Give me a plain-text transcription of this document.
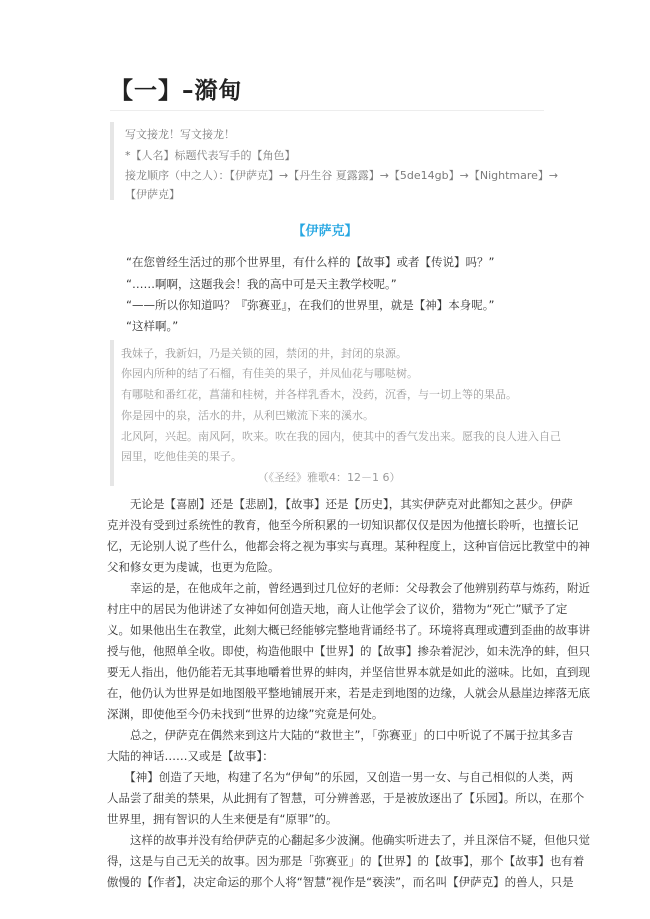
【一】–漪甸
写文接龙！写文接龙！
*【人名】标题代表写手的【角色】
接龙顺序（中之人）：【伊萨克】→【丹生谷 夏露露】→【5de14gb】→【Nightmare】→
【伊萨克】
【伊萨克】
“在您曾经生活过的那个世界里，有什么样的【故事】或者【传说】吗？”
“……啊啊，这题我会！我的高中可是天主教学校呢。”
“——所以你知道吗？『弥赛亚』，在我们的世界里，就是【神】本身呢。”
“这样啊。”
我妹子，我新妇，乃是关锁的园，禁闭的井，封闭的泉源。
你园内所种的结了石榴，有佳美的果子，并凤仙花与哪哒树。
有哪哒和番红花，菖蒲和桂树，并各样乳香木，没药，沉香，与一切上等的果品。
你是园中的泉，活水的井，从利巴嫩流下来的溪水。
北风阿，兴起。南风阿，吹来。吹在我的园内，使其中的香气发出来。愿我的良人进入自己
园里，吃他佳美的果子。
（《圣经》雅歌4：12－1 6）
　　无论是【喜剧】还是【悲剧】，【故事】还是【历史】，其实伊萨克对此都知之甚少。伊萨
克并没有受到过系统性的教育，他至今所积累的一切知识都仅仅是因为他擅长聆听，也擅长记
忆，无论别人说了些什么，他都会将之视为事实与真理。某种程度上，这种盲信远比教堂中的神
父和修女更为虔诚，也更为危险。
　　幸运的是，在他成年之前，曾经遇到过几位好的老师：父母教会了他辨别药草与炼药，附近
村庄中的居民为他讲述了女神如何创造天地，商人让他学会了议价，猎物为“死亡”赋予了定
义。如果他出生在教堂，此刻大概已经能够完整地背诵经书了。环境将真理或遭到歪曲的故事讲
授与他，他照单全收。即使，构造他眼中【世界】的【故事】掺杂着泥沙，如未洗净的蚌，但只
要无人指出，他仍能若无其事地嚼着世界的蚌肉，并坚信世界本就是如此的滋味。比如，直到现
在，他仍认为世界是如地图般平整地铺展开来，若是走到地图的边缘，人就会从悬崖边摔落无底
深渊，即使他至今仍未找到“世界的边缘”究竟是何处。
　　总之，伊萨克在偶然来到这片大陆的“救世主”，「弥赛亚」的口中听说了不属于拉其多吉
大陆的神话……又或是【故事】：
　　【神】创造了天地，构建了名为“伊甸”的乐园，又创造一男一女、与自己相似的人类，两
人品尝了甜美的禁果，从此拥有了智慧，可分辨善恶，于是被放逐出了【乐园】。所以，在那个
世界里，拥有智识的人生来便是有“原罪”的。
　　这样的故事并没有给伊萨克的心翻起多少波澜。他确实听进去了，并且深信不疑，但他只觉
得，这是与自己无关的故事。因为那是「弥赛亚」的【世界】的【故事】，那个【故事】也有着
傲慢的【作者】，决定命运的那个人将“智慧”视作是“亵渎”，而名叫【伊萨克】的兽人，只是
